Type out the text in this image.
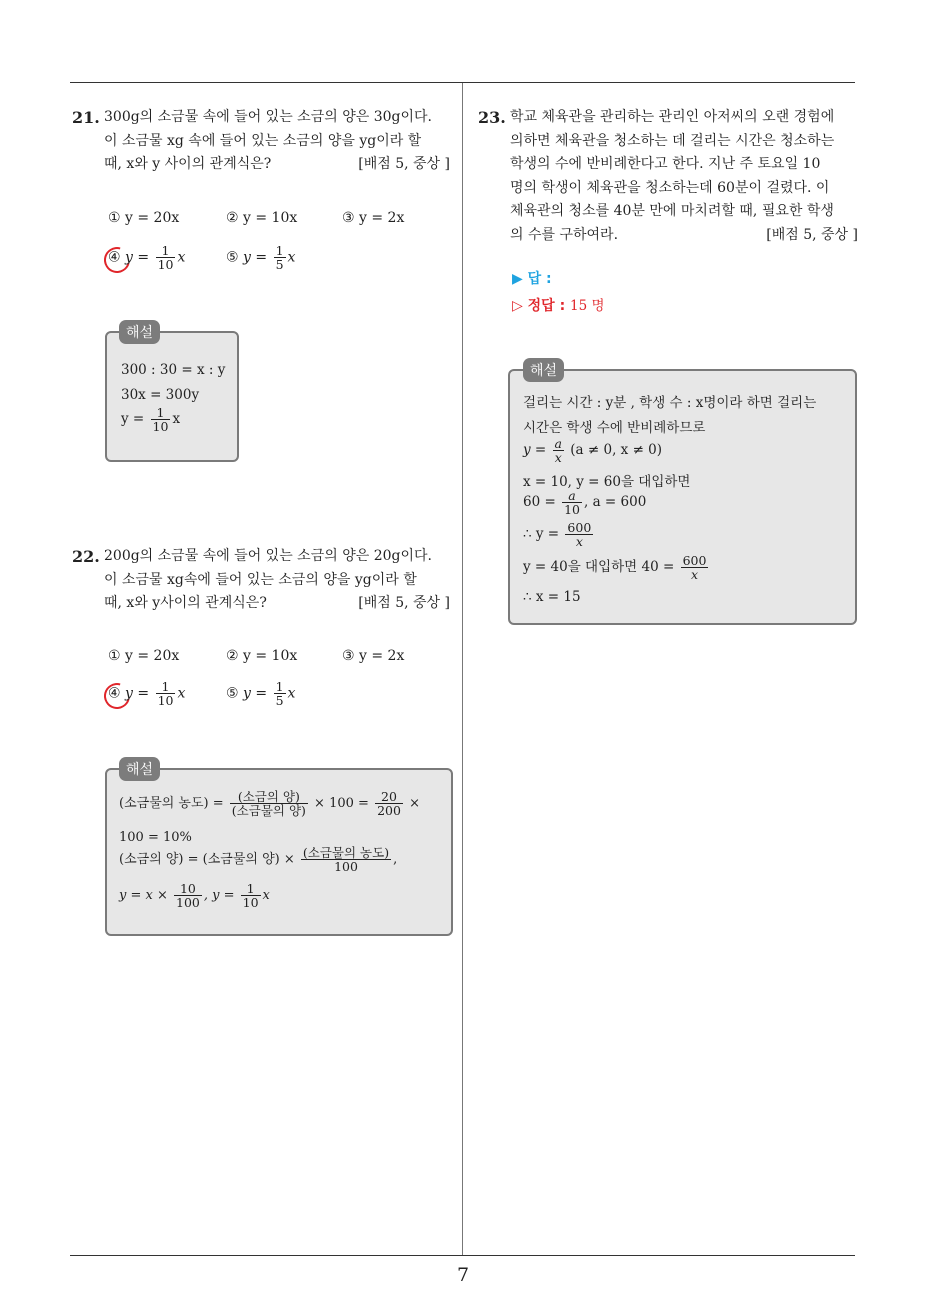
7
21. 300g의 소금물 속에 들어 있는 소금의 양은 30g이다.
이 소금물 xg 속에 들어 있는 소금의 양을 yg이라 할
때, x와 y 사이의 관계식은?	[배점 5, 중상 ]
① y = 20x	② y = 10x	③ y = 2x
④ $y = \frac{1}{10}$ x	⑤ $y = \frac{1}{5}$ x
300 : 30 = x : y
30x = 300y
$y = \frac{1}{10}$ x
해설
22. 200g의 소금물 속에 들어 있는 소금의 양은 20g이다.
이 소금물 xg속에 들어 있는 소금의 양을 yg이라 할
때, x와 y사이의 관계식은?	[배점 5, 중상 ]
① y = 20x	② y = 10x	③ y = 2x
④ $y = \frac{1}{10}$ x	⑤ $y = \frac{1}{5}$ x
(소금물의 농도) = $\frac{\text{(소금의 양)}}{\text{(소금물의 양)}} \times 100 = \frac{20}{200}$ ×
100 = 10%
(소금의 양) = (소금물의 양) × $\frac{\text{(소금물의 농도)}}{100}$ ,
$y = x \times \frac{10}{100}$ , $y = \frac{1}{10}$ x
해설
23. 학교 체육관을 관리하는 관리인 아저씨의 오랜 경험에
의하면 체육관을 청소하는 데 걸리는 시간은 청소하는
학생의 수에 반비례한다고 한다. 지난 주 토요일 10
명의 학생이 체육관을 청소하는데 60분이 걸렸다. 이
체육관의 청소를 40분 만에 마치려할 때, 필요한 학생
의 수를 구하여라.	[배점 5, 중상 ]
▶ 답 :
▷ 정답 : 15 명
걸리는 시간 : y분 , 학생 수 : x명이라 하면 걸리는
시간은 학생 수에 반비례하므로
$y = \frac{a}{x} (a \ne 0$, x ≠ 0)
x = 10, y = 60을 대입하면
$60 = \frac{a}{10}$ , a = 600
∴ $y = \frac{600}{x}$
y = 40을 대입하면 $40 = \frac{600}{x}$
∴ x = 15
해설
